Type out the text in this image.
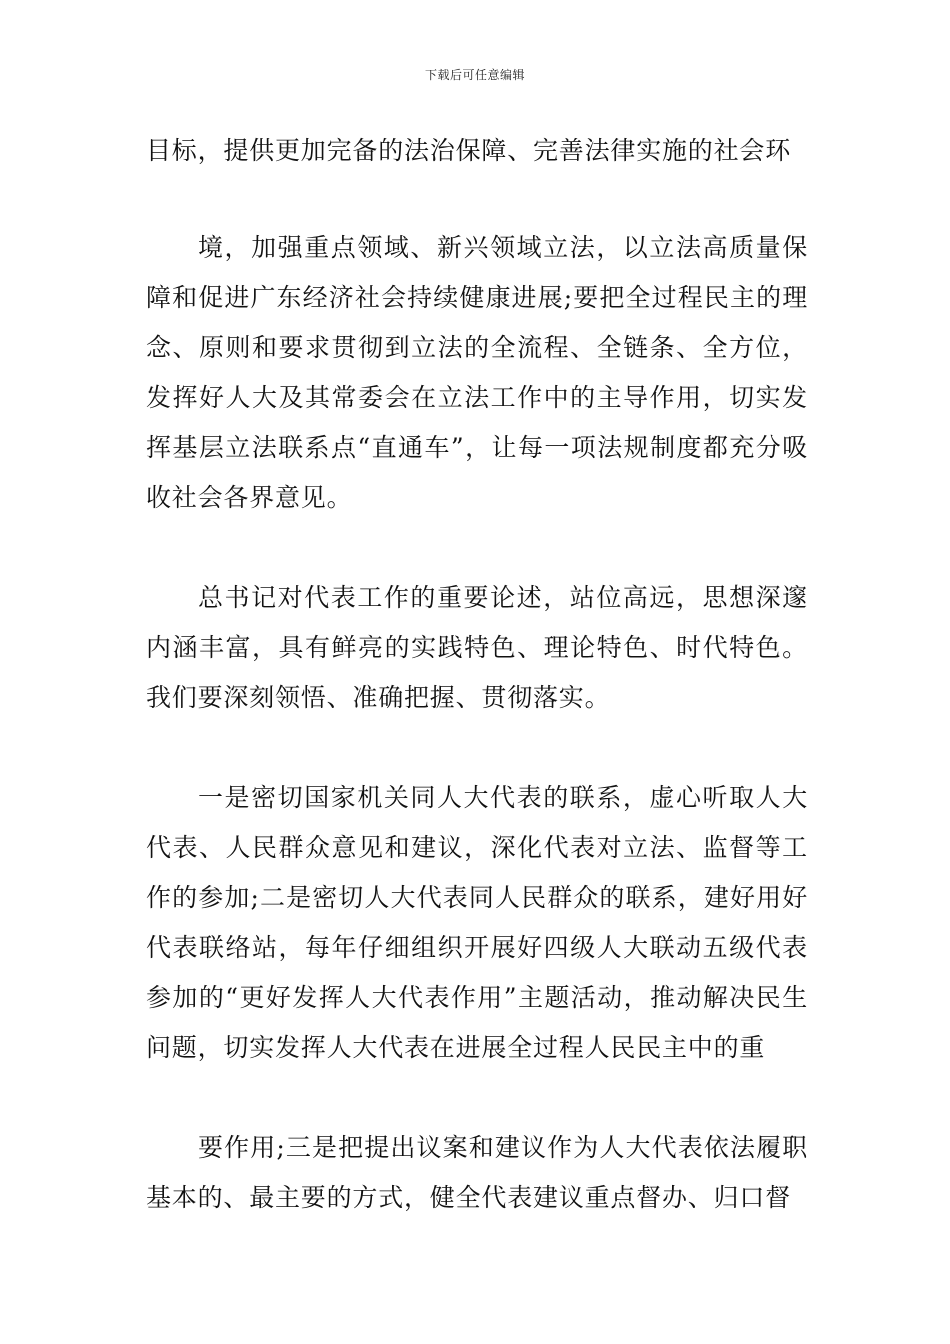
下载后可任意编辑

目标，提供更加完备的法治保障、完善法律实施的社会环

境，加强重点领域、新兴领域立法，以立法高质量保障和促进广东经济社会持续健康进展;要把全过程民主的理念、原则和要求贯彻到立法的全流程、全链条、全方位，发挥好人大及其常委会在立法工作中的主导作用，切实发挥基层立法联系点“直通车”，让每一项法规制度都充分吸收社会各界意见。

总书记对代表工作的重要论述，站位高远，思想深邃内涵丰富，具有鲜亮的实践特色、理论特色、时代特色。我们要深刻领悟、准确把握、贯彻落实。

一是密切国家机关同人大代表的联系，虚心听取人大代表、人民群众意见和建议，深化代表对立法、监督等工作的参加;二是密切人大代表同人民群众的联系，建好用好代表联络站，每年仔细组织开展好四级人大联动五级代表参加的“更好发挥人大代表作用”主题活动，推动解决民生问题，切实发挥人大代表在进展全过程人民民主中的重

要作用;三是把提出议案和建议作为人大代表依法履职基本的、最主要的方式，健全代表建议重点督办、归口督
